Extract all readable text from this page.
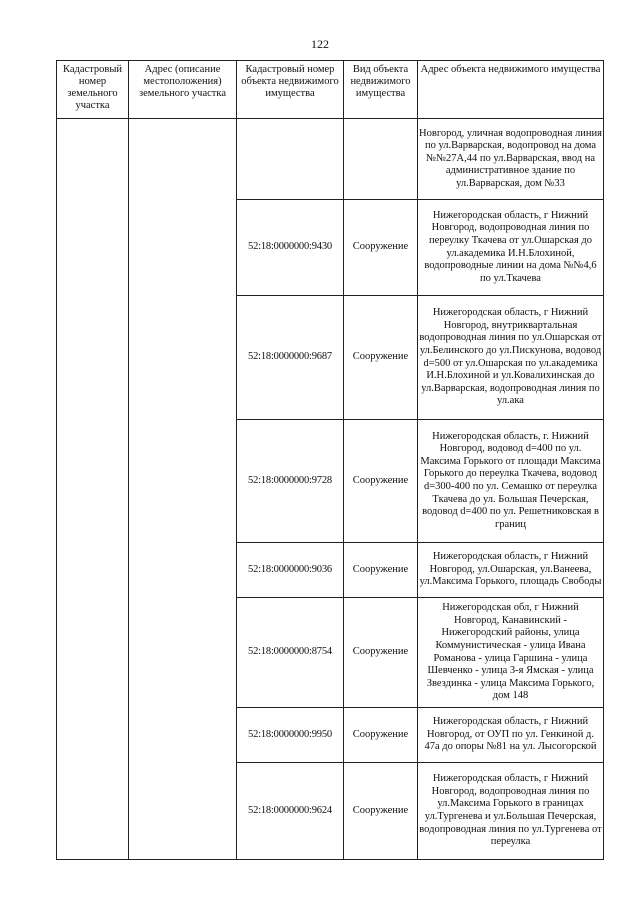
122
Кадастровый номер земельного участка	Адрес (описание местоположения) земельного участка	Кадастровый номер объекта недвижимого имущества	Вид объекта недвижимого имущества	Адрес объекта недвижимого имущества
				Новгород, уличная водопроводная линия по ул.Варварская, водопровод на дома №№27А,44 по ул.Варварская, ввод на административное здание по ул.Варварская, дом №33
		52:18:0000000:9430	Сооружение	Нижегородская область, г Нижний Новгород, водопроводная линия по переулку Ткачева от ул.Ошарская до ул.академика И.Н.Блохиной, водопроводные линии на дома №№4,6 по ул.Ткачева
		52:18:0000000:9687	Сооружение	Нижегородская область, г Нижний Новгород, внутриквартальная водопроводная линия по ул.Ошарская от ул.Белинского до ул.Пискунова, водовод d=500 от ул.Ошарская по ул.академика И.Н.Блохиной и ул.Ковалихинская до ул.Варварская, водопроводная линия по ул.ака
		52:18:0000000:9728	Сооружение	Нижегородская область, г. Нижний Новгород, водовод d=400 по ул. Максима Горького от площади Максима Горького до переулка Ткачева, водовод d=300-400 по ул. Семашко от переулка Ткачева до ул. Большая Печерская, водовод d=400 по ул. Решетниковская в границ
		52:18:0000000:9036	Сооружение	Нижегородская область, г Нижний Новгород, ул.Ошарская, ул.Ванеева, ул.Максима Горького, площадь Свободы
		52:18:0000000:8754	Сооружение	Нижегородская обл, г Нижний Новгород, Канавинский - Нижегородский районы, улица Коммунистическая - улица Ивана Романова - улица Гаршина - улица Шевченко - улица 3-я Ямская - улица Звездинка - улица Максима Горького, дом 148
		52:18:0000000:9950	Сооружение	Нижегородская область, г Нижний Новгород, от ОУП по ул. Генкиной д. 47а до опоры №81 на ул. Лысогорской
		52:18:0000000:9624	Сооружение	Нижегородская область, г Нижний Новгород, водопроводная линия по ул.Максима Горького в границах ул.Тургенева и ул.Большая Печерская, водопроводная линия по ул.Тургенева от переулка
